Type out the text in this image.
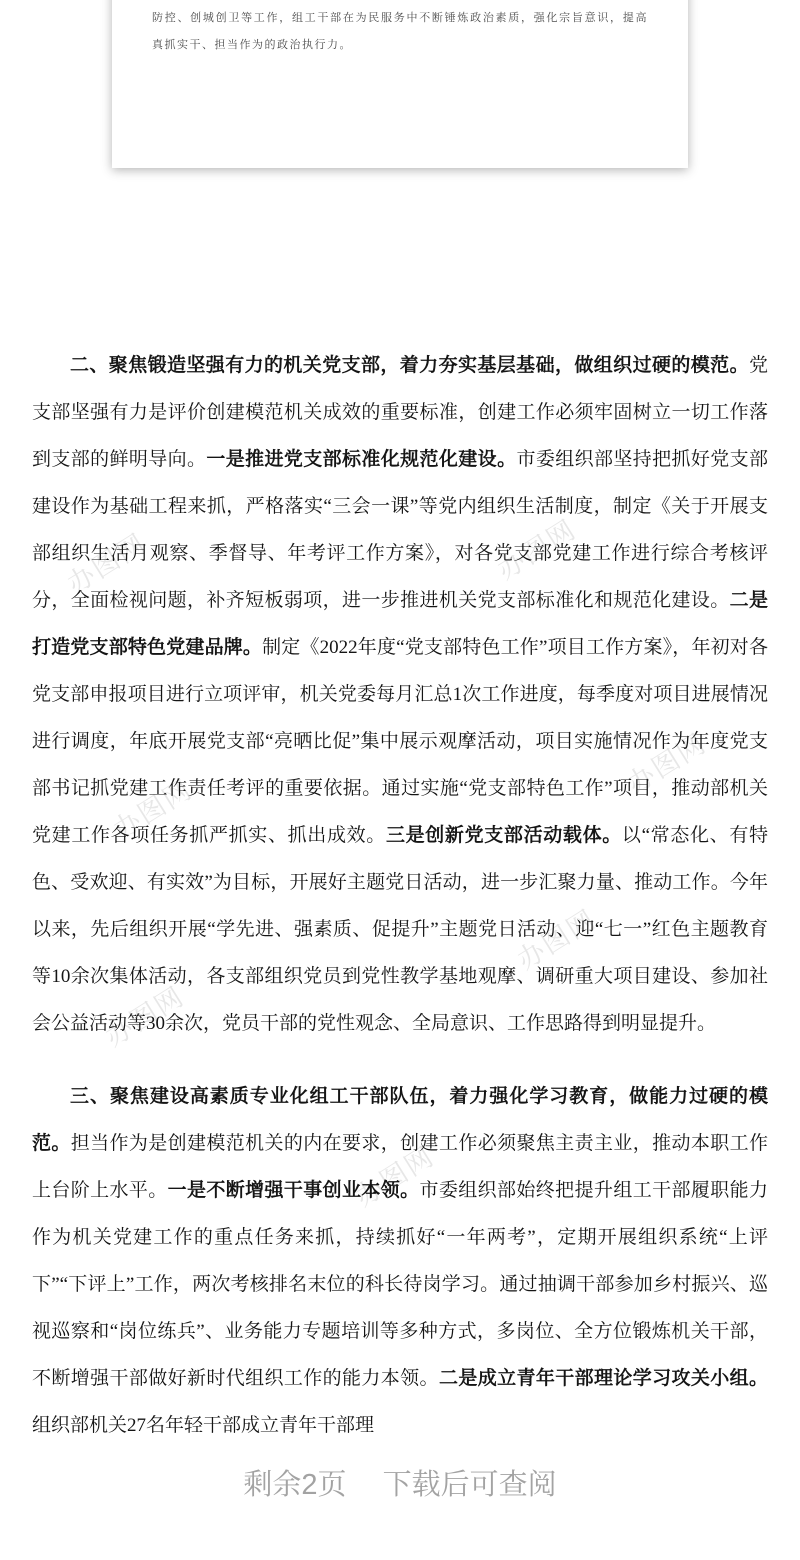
防控、创城创卫等工作，组工干部在为民服务中不断锤炼政治素质，强化宗旨意识，提高真抓实干、担当作为的政治执行力。

办图网	办图网
办图网
办图网
办图网
办图网
办图网

二、聚焦锻造坚强有力的机关党支部，着力夯实基层基础，做组织过硬的模范。党支部坚强有力是评价创建模范机关成效的重要标准，创建工作必须牢固树立一切工作落到支部的鲜明导向。一是推进党支部标准化规范化建设。市委组织部坚持把抓好党支部建设作为基础工程来抓，严格落实“三会一课”等党内组织生活制度，制定《关于开展支部组织生活月观察、季督导、年考评工作方案》，对各党支部党建工作进行综合考核评分，全面检视问题，补齐短板弱项，进一步推进机关党支部标准化和规范化建设。二是打造党支部特色党建品牌。制定《2022年度“党支部特色工作”项目工作方案》，年初对各党支部申报项目进行立项评审，机关党委每月汇总1次工作进度，每季度对项目进展情况进行调度，年底开展党支部“亮晒比促”集中展示观摩活动，项目实施情况作为年度党支部书记抓党建工作责任考评的重要依据。通过实施“党支部特色工作”项目，推动部机关党建工作各项任务抓严抓实、抓出成效。三是创新党支部活动载体。以“常态化、有特色、受欢迎、有实效”为目标，开展好主题党日活动，进一步汇聚力量、推动工作。今年以来，先后组织开展“学先进、强素质、促提升”主题党日活动、迎“七一”红色主题教育等10余次集体活动，各支部组织党员到党性教学基地观摩、调研重大项目建设、参加社会公益活动等30余次，党员干部的党性观念、全局意识、工作思路得到明显提升。

三、聚焦建设高素质专业化组工干部队伍，着力强化学习教育，做能力过硬的模范。担当作为是创建模范机关的内在要求，创建工作必须聚焦主责主业，推动本职工作上台阶上水平。一是不断增强干事创业本领。市委组织部始终把提升组工干部履职能力作为机关党建工作的重点任务来抓，持续抓好“一年两考”，定期开展组织系统“上评下”“下评上”工作，两次考核排名末位的科长待岗学习。通过抽调干部参加乡村振兴、巡视巡察和“岗位练兵”、业务能力专题培训等多种方式，多岗位、全方位锻炼机关干部，不断增强干部做好新时代组织工作的能力本领。二是成立青年干部理论学习攻关小组。组织部机关27名年轻干部成立青年干部理

剩余2页 下载后可查阅
